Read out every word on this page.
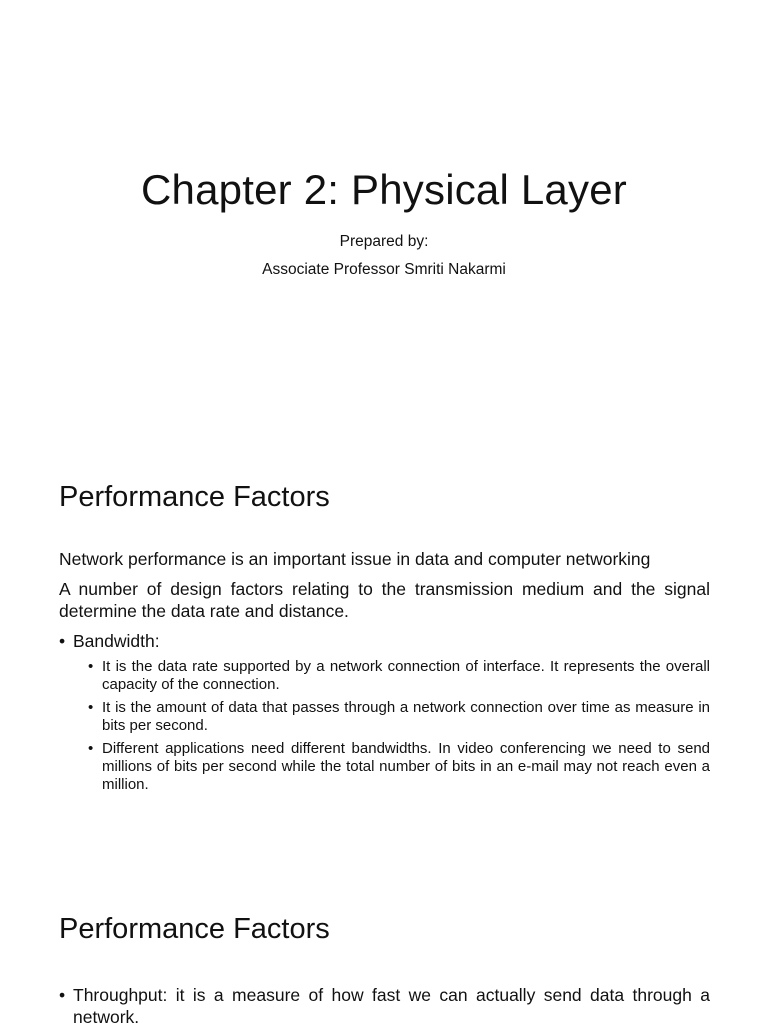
Chapter 2: Physical Layer
Prepared by:
Associate Professor Smriti Nakarmi
Performance Factors

Network performance is an important issue in data and computer networking

A number of design factors relating to the transmission medium and the signal determine the data rate and distance.

• Bandwidth:
• It is the data rate supported by a network connection of interface. It represents the overall capacity of the connection.
• It is the amount of data that passes through a network connection over time as measure in bits per second.
• Different applications need different bandwidths. In video conferencing we need to send millions of bits per second while the total number of bits in an e-mail may not reach even a million.
Performance Factors
• Throughput: it is a measure of how fast we can actually send data through a network.
